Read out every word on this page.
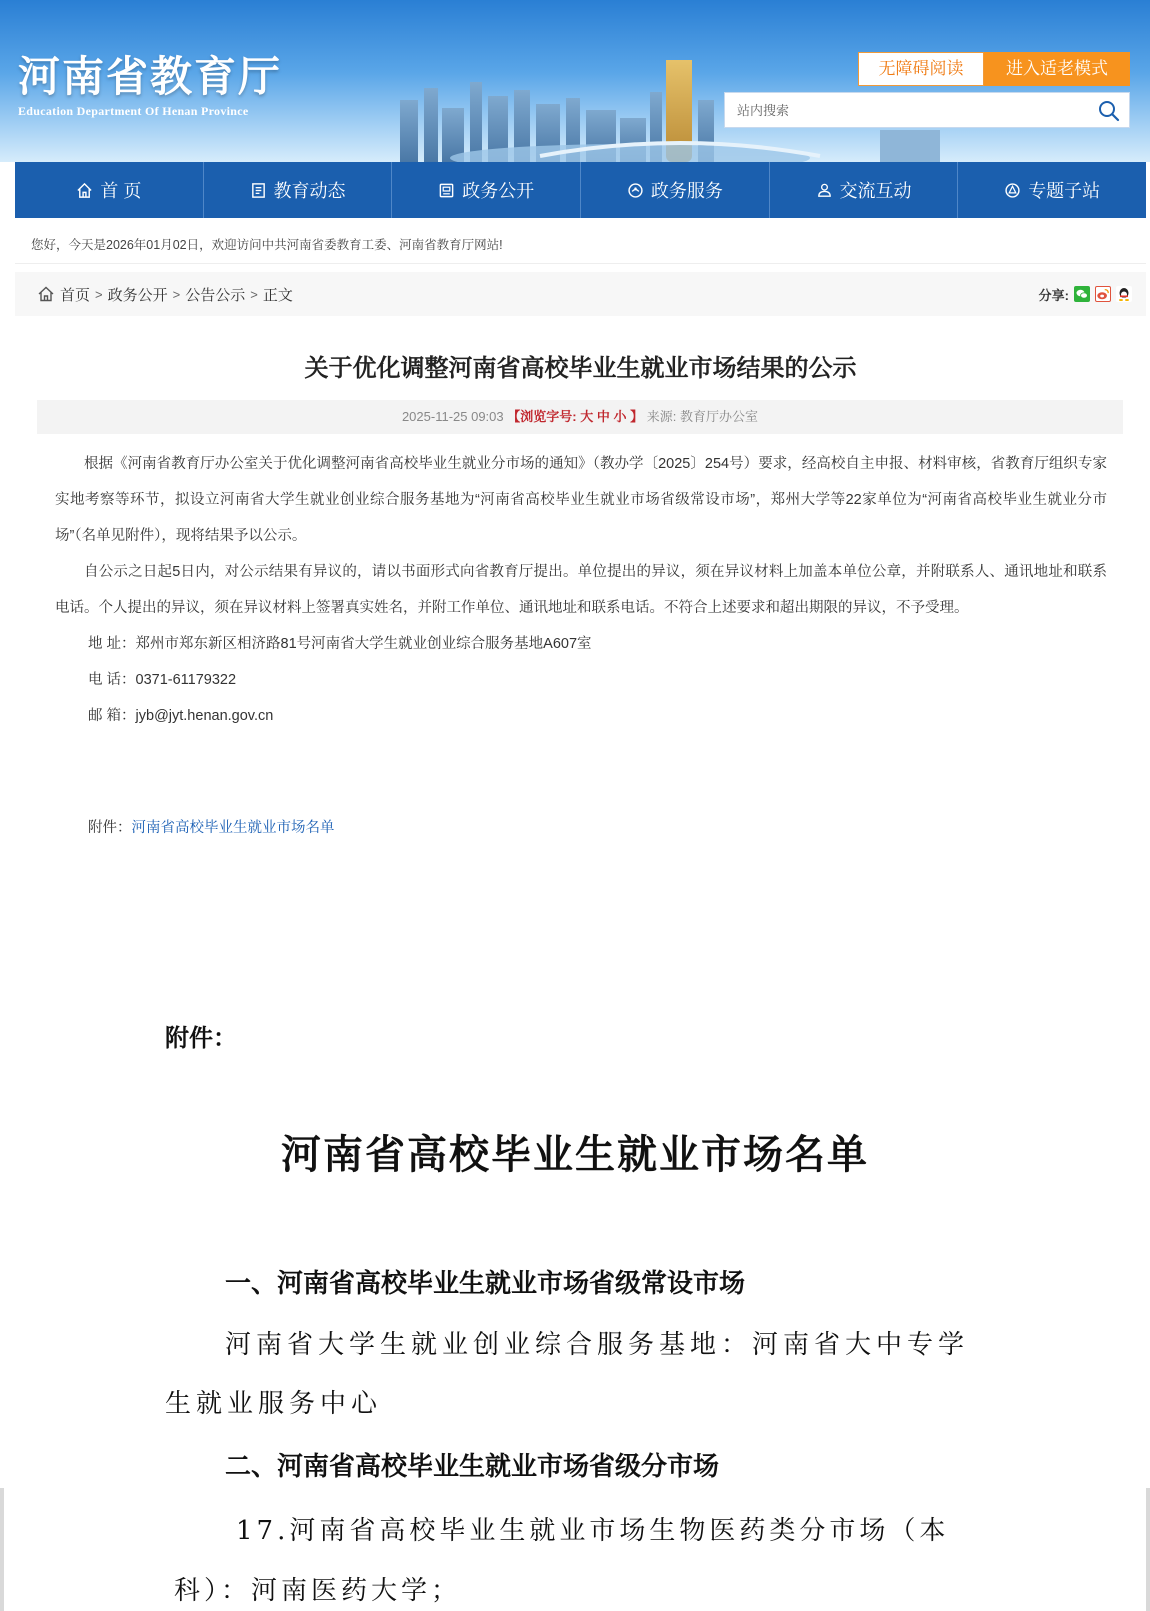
河南省教育厅
Education Department Of Henan Province
无障碍阅读	进入适老模式
站内搜索
首 页	教育动态	政务公开	政务服务	交流互动	专题子站
您好，今天是2026年01月02日，欢迎访问中共河南省委教育工委、河南省教育厅网站!
首页 > 政务公开 > 公告公示 > 正文	分享:
关于优化调整河南省高校毕业生就业市场结果的公示
2025-11-25 09:03 【浏览字号: 大 中 小 】 来源: 教育厅办公室

根据《河南省教育厅办公室关于优化调整河南省高校毕业生就业分市场的通知》（教办学〔2025〕254号）要求，经高校自主申报、材料审核，省教育厅组织专家实地考察等环节，拟设立河南省大学生就业创业综合服务基地为“河南省高校毕业生就业市场省级常设市场”，郑州大学等22家单位为“河南省高校毕业生就业分市场”（名单见附件），现将结果予以公示。

自公示之日起5日内，对公示结果有异议的，请以书面形式向省教育厅提出。单位提出的异议，须在异议材料上加盖本单位公章，并附联系人、通讯地址和联系电话。个人提出的异议，须在异议材料上签署真实姓名，并附工作单位、通讯地址和联系电话。不符合上述要求和超出期限的异议，不予受理。

地 址：郑州市郑东新区相济路81号河南省大学生就业创业综合服务基地A607室
电 话：0371-61179322
邮 箱：jyb@jyt.henan.gov.cn
附件：河南省高校毕业生就业市场名单
附件：
河南省高校毕业生就业市场名单
一、河南省高校毕业生就业市场省级常设市场
河南省大学生就业创业综合服务基地：河南省大中专学
生就业服务中心
二、河南省高校毕业生就业市场省级分市场
17.河南省高校毕业生就业市场生物医药类分市场（本
科）：河南医药大学；
